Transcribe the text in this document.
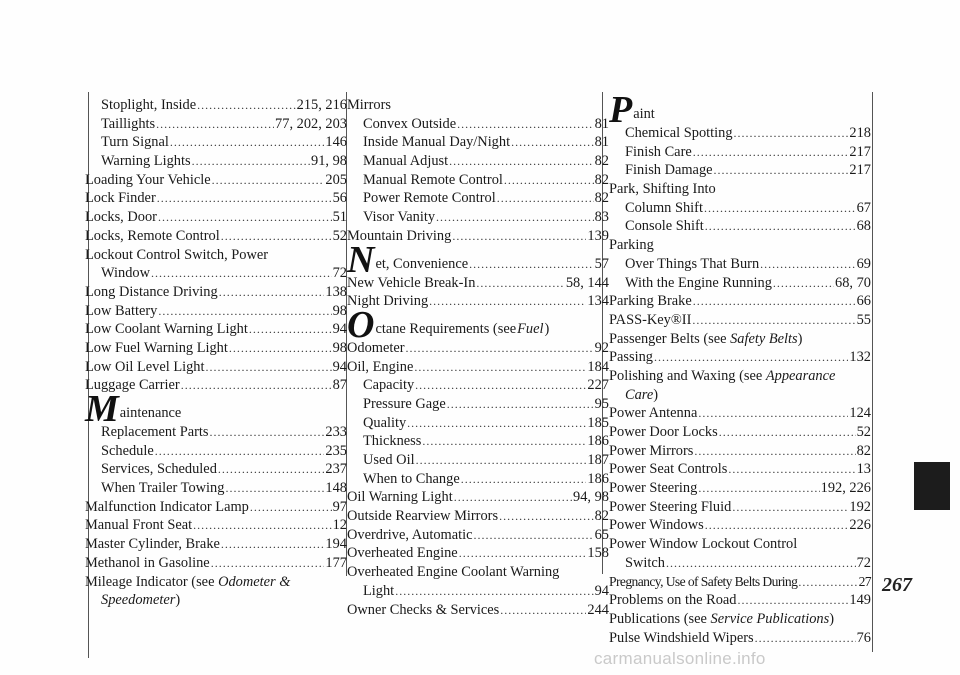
Stoplight, Inside .....	215, 216
Taillights .....	77, 202, 203
Turn Signal .....	146
Warning Lights .....	91, 98
Loading Your Vehicle .....	205
Lock Finder .....	56
Locks, Door .....	51
Locks, Remote Control .....	52
Lockout Control Switch, Power
Window .....	72
Long Distance Driving .....	138
Low Battery .....	98
Low Coolant Warning Light .....	94
Low Fuel Warning Light .....	98
Low Oil Level Light .....	94
Luggage Carrier .....	87
M aintenance
Replacement Parts .....	233
Schedule .....	235
Services, Scheduled .....	237
When Trailer Towing .....	148
Malfunction Indicator Lamp .....	97
Manual Front Seat .....	12
Master Cylinder, Brake .....	194
Methanol in Gasoline .....	177
Mileage Indicator (see Odometer &
Speedometer)
Mirrors
Convex Outside .....	81
Inside Manual Day/Night .....	81
Manual Adjust .....	82
Manual Remote Control .....	82
Power Remote Control .....	82
Visor Vanity .....	83
Mountain Driving .....	139
N et, Convenience .....	57
New Vehicle Break-In .....	58, 144
Night Driving .....	134
O ctane Requirements (see Fuel )
Odometer .....	92
Oil, Engine .....	184
Capacity .....	227
Pressure Gage .....	95
Quality .....	185
Thickness .....	186
Used Oil .....	187
When to Change .....	186
Oil Warning Light .....	94, 98
Outside Rearview Mirrors .....	82
Overdrive, Automatic .....	65
Overheated Engine .....	158
Overheated Engine Coolant Warning
Light .....	94
Owner Checks & Services .....	244
P aint
Chemical Spotting .....	218
Finish Care .....	217
Finish Damage .....	217
Park, Shifting Into
Column Shift .....	67
Console Shift .....	68
Parking
Over Things That Burn .....	69
With the Engine Running .....	68, 70
Parking Brake .....	66
PASS-Key®II .....	55
Passenger Belts (see Safety Belts)
Passing .....	132
Polishing and Waxing (see Appearance
Care)
Power Antenna .....	124
Power Door Locks .....	52
Power Mirrors .....	82
Power Seat Controls .....	13
Power Steering .....	192, 226
Power Steering Fluid .....	192
Power Windows .....	226
Power Window Lockout Control
Switch .....	72
Pregnancy, Use of Safety Belts During .....	27
Problems on the Road .....	149
Publications (see Service Publications)
Pulse Windshield Wipers .....	76
267
carmanualsonline.info
